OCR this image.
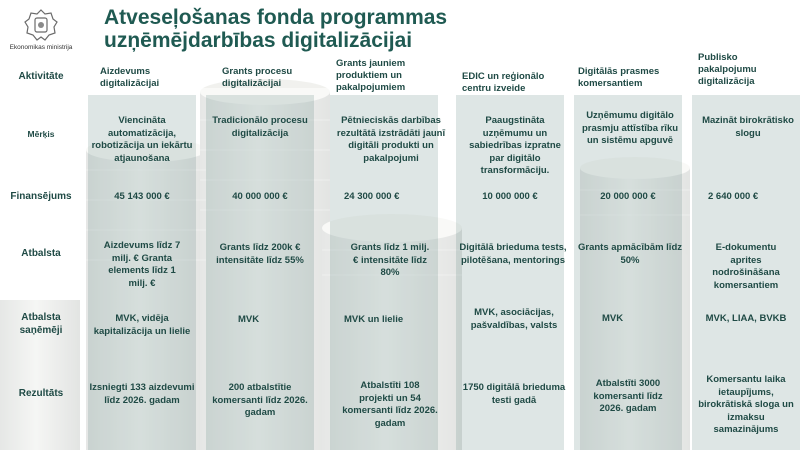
Ekonomikas ministrija
Atveseļošanas fonda programmas
uzņēmējdarbības digitalizācijai
Aktivitāte
Mērķis
Finansējums
Atbalsta
Atbalsta
saņēmēji
Rezultāts
Aizdevums digitalizācijai
Viencināta automatizācija, robotizācija un iekārtu atjaunošana
45 143 000 €
Aizdevums līdz 7 milj. € Granta elements līdz 1 milj. €
MVK, vidēja kapitalizācija un lielie
Izsniegti 133 aizdevumi līdz 2026. gadam
Grants procesu digitalizācijai
Tradicionālo procesu digitalizācija
40 000 000 €
Grants līdz 200k € intensitāte līdz 55%
MVK
200 atbalstītie komersanti līdz 2026. gadam
Grants jauniem produktiem un pakalpojumiem
Pētnieciskās darbības rezultātā izstrādāti jaunī digitāli produkti un pakalpojumi
24 300 000 €
Grants līdz 1 milj. € intensitāte līdz 80%
MVK un lielie
Atbalstīti 108 projekti un 54 komersanti līdz 2026. gadam
EDIC un reģionālo centru izveide
Paaugstināta uzņēmumu un sabiedrības izpratne par digitālo transformāciju.
10 000 000 €
Digitālā brieduma tests, pilotēšana, mentorings
MVK, asociācijas, pašvaldības, valsts
1750 digitālā brieduma testi gadā
Digitālās prasmes komersantiem
Uzņēmumu digitālo prasmju attīstība rīku un sistēmu apguvē
20 000 000 €
Grants apmācībām līdz 50%
MVK
Atbalstīti 3000 komersanti līdz 2026. gadam
Publisko pakalpojumu digitalizācija
Mazināt birokrātisko slogu
2 640 000 €
E-dokumentu aprites nodrošināšana komersantiem
MVK, LIAA, BVKB
Komersantu laika ietaupījums, birokrātiskā sloga un izmaksu samazinājums
